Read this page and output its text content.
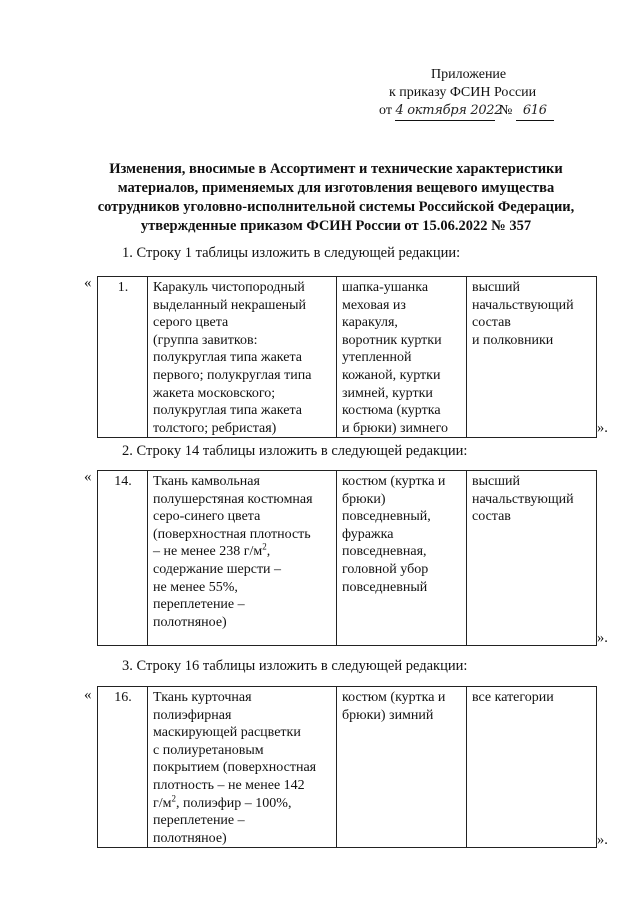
Приложение
к приказу ФСИН России
от 4 октября 2022 № 616
Изменения, вносимые в Ассортимент и технические характеристики
материалов, применяемых для изготовления вещевого имущества
сотрудников уголовно-исполнительной системы Российской Федерации,
утвержденные приказом ФСИН России от 15.06.2022 № 357
1. Строку 1 таблицы изложить в следующей редакции:
« 1.	Каракуль чистопородный
выделанный некрашеный
серого цвета
(группа завитков:
полукруглая типа жакета
первого; полукруглая типа
жакета московского;
полукруглая типа жакета
толстого; ребристая)

шапка-ушанка
меховая из
каракуля,
воротник куртки
утепленной
кожаной, куртки
зимней, куртки
костюма (куртка
и брюки) зимнего

высший
начальствующий
состав
и полковники
».
2. Строку 14 таблицы изложить в следующей редакции:
« 14.	Ткань камвольная
полушерстяная костюмная
серо-синего цвета
(поверхностная плотность
– не менее 238 $г/м^2$,
содержание шерсти –
не менее 55%,
переплетение –
полотняное)

костюм (куртка и
брюки)
повседневный,
фуражка
повседневная,
головной убор
повседневный

высший
начальствующий
состав
».
3. Строку 16 таблицы изложить в следующей редакции:
« 16.	Ткань курточная
полиэфирная
маскирующей расцветки
с полиуретановым
покрытием (поверхностная
плотность – не менее 142
$г/м^2$, полиэфир – 100%,
переплетение –
полотняное)

костюм (куртка и
брюки) зимний

все категории
».
